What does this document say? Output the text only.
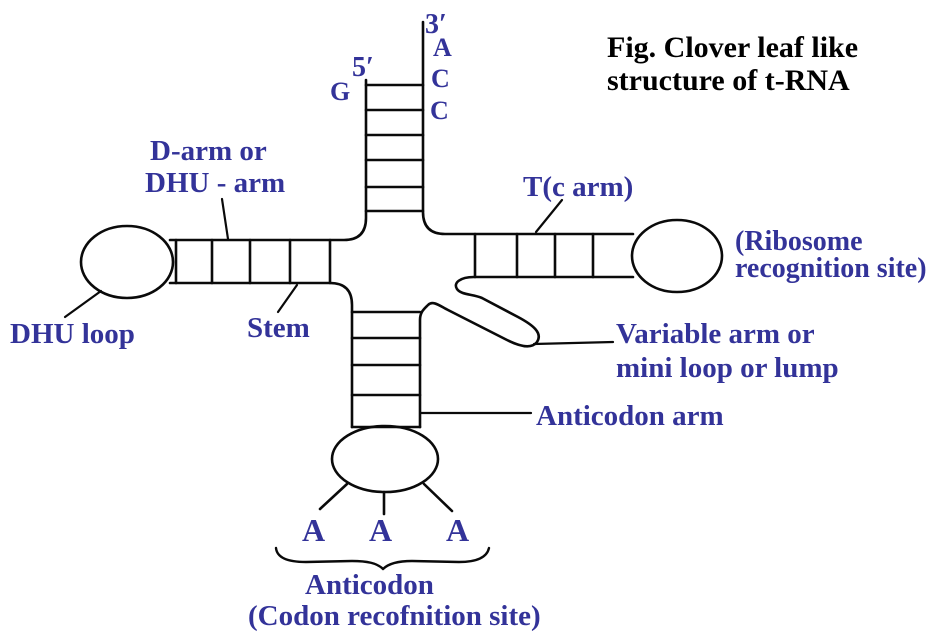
Fig. Clover leaf like
structure of t-RNA
3′
A
C
C
5′
G
D-arm or
DHU - arm	T(c arm)
(Ribosome
recognition site)
DHU loop	Stem	Variable arm or
mini loop or lump
Anticodon arm
A A A
Anticodon
(Codon recofnition site)
